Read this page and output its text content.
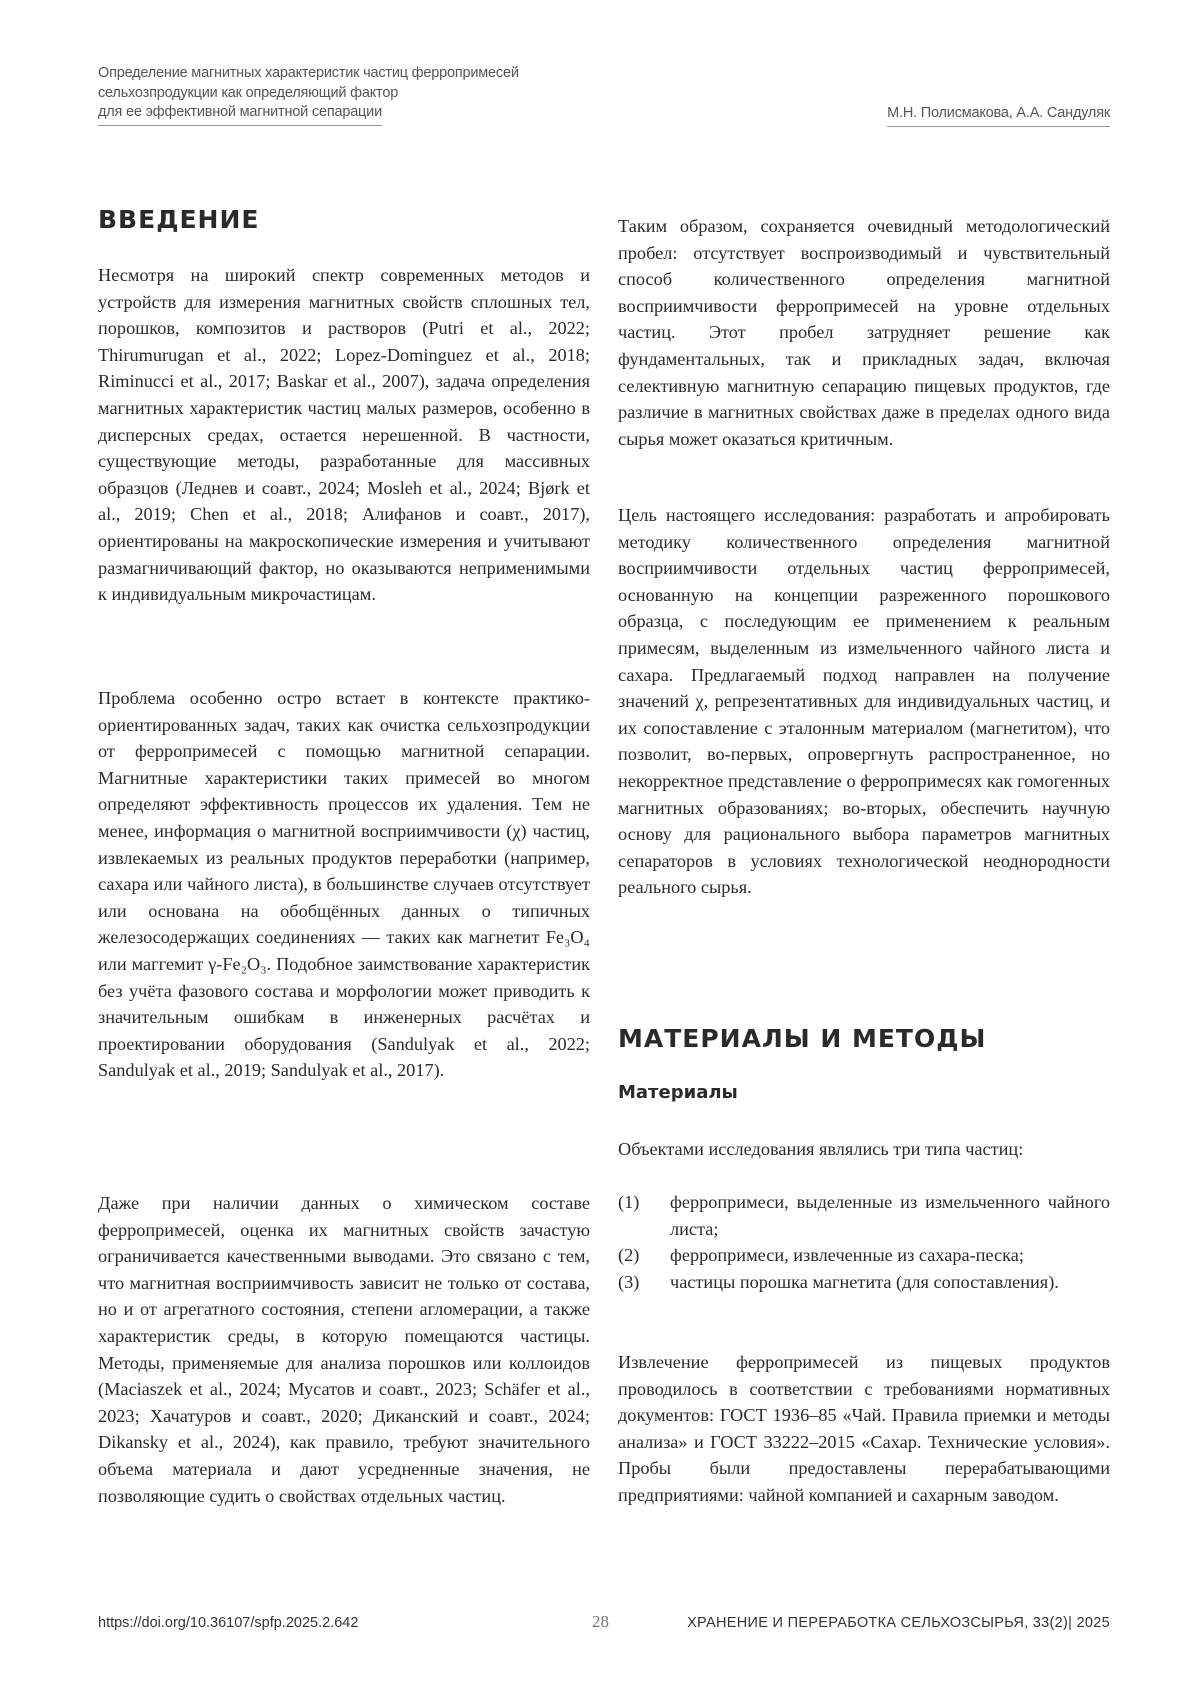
Определение магнитных характеристик частиц ферропримесей
сельхозпродукции как определяющий фактор
для ее эффективной магнитной сепарации	М.Н. Полисмакова, А.А. Сандуляк
ВВЕДЕНИЕ

Несмотря на широкий спектр современных методов и устройств для измерения магнитных свойств сплошных тел, порошков, композитов и растворов (Putri et al., 2022; Thirumurugan et al., 2022; Lopez-Dominguez et al., 2018; Riminucci et al., 2017; Baskar et al., 2007), задача определения магнитных характеристик частиц малых размеров, особенно в дисперсных средах, остается нерешенной. В частности, существующие методы, разработанные для массивных образцов (Леднев и соавт., 2024; Mosleh et al., 2024; Bjørk et al., 2019; Chen et al., 2018; Алифанов и соавт., 2017), ориентированы на макроскопические измерения и учитывают размагничивающий фактор, но оказываются неприменимыми к индивидуальным микрочастицам.

Проблема особенно остро встает в контексте практико-ориентированных задач, таких как очистка сельхозпродукции от ферропримесей с помощью магнитной сепарации. Магнитные характеристики таких примесей во многом определяют эффективность процессов их удаления. Тем не менее, информация о магнитной восприимчивости (χ) частиц, извлекаемых из реальных продуктов переработки (например, сахара или чайного листа), в большинстве случаев отсутствует или основана на обобщённых данных о типичных железосодержащих соединениях — таких как магнетит Fe₃O₄ или маггемит γ-Fe₂O₃. Подобное заимствование характеристик без учёта фазового состава и морфологии может приводить к значительным ошибкам в инженерных расчётах и проектировании оборудования (Sandulyak et al., 2022; Sandulyak et al., 2019; Sandulyak et al., 2017).

Даже при наличии данных о химическом составе ферропримесей, оценка их магнитных свойств зачастую ограничивается качественными выводами. Это связано с тем, что магнитная восприимчивость зависит не только от состава, но и от агрегатного состояния, степени агломерации, а также характеристик среды, в которую помещаются частицы. Методы, применяемые для анализа порошков или коллоидов (Maciaszek et al., 2024; Мусатов и соавт., 2023; Schäfer et al., 2023; Хачатуров и соавт., 2020; Диканский и соавт., 2024; Dikansky et al., 2024), как правило, требуют значительного объема материала и дают усредненные значения, не позволяющие судить о свойствах отдельных частиц.

Таким образом, сохраняется очевидный методологический пробел: отсутствует воспроизводимый и чувствительный способ количественного определения магнитной восприимчивости ферропримесей на уровне отдельных частиц. Этот пробел затрудняет решение как фундаментальных, так и прикладных задач, включая селективную магнитную сепарацию пищевых продуктов, где различие в магнитных свойствах даже в пределах одного вида сырья может оказаться критичным.

Цель настоящего исследования: разработать и апробировать методику количественного определения магнитной восприимчивости отдельных частиц ферропримесей, основанную на концепции разреженного порошкового образца, с последующим ее применением к реальным примесям, выделенным из измельченного чайного листа и сахара. Предлагаемый подход направлен на получение значений χ, репрезентативных для индивидуальных частиц, и их сопоставление с эталонным материалом (магнетитом), что позволит, во-первых, опровергнуть распространенное, но некорректное представление о ферропримесях как гомогенных магнитных образованиях; во-вторых, обеспечить научную основу для рационального выбора параметров магнитных сепараторов в условиях технологической неоднородности реального сырья.

МАТЕРИАЛЫ И МЕТОДЫ
Материалы

Объектами исследования являлись три типа частиц:

(1) ферропримеси, выделенные из измельченного чайного листа;
(2) ферропримеси, извлеченные из сахара-песка;
(3) частицы порошка магнетита (для сопоставления).

Извлечение ферропримесей из пищевых продуктов проводилось в соответствии с требованиями нормативных документов: ГОСТ 1936–85 «Чай. Правила приемки и методы анализа» и ГОСТ 33222–2015 «Сахар. Технические условия». Пробы были предоставлены перерабатывающими предприятиями: чайной компанией и сахарным заводом.

https://doi.org/10.36107/spfp.2025.2.642	28	ХРАНЕНИЕ И ПЕРЕРАБОТКА СЕЛЬХОЗСЫРЬЯ, 33(2)| 2025
